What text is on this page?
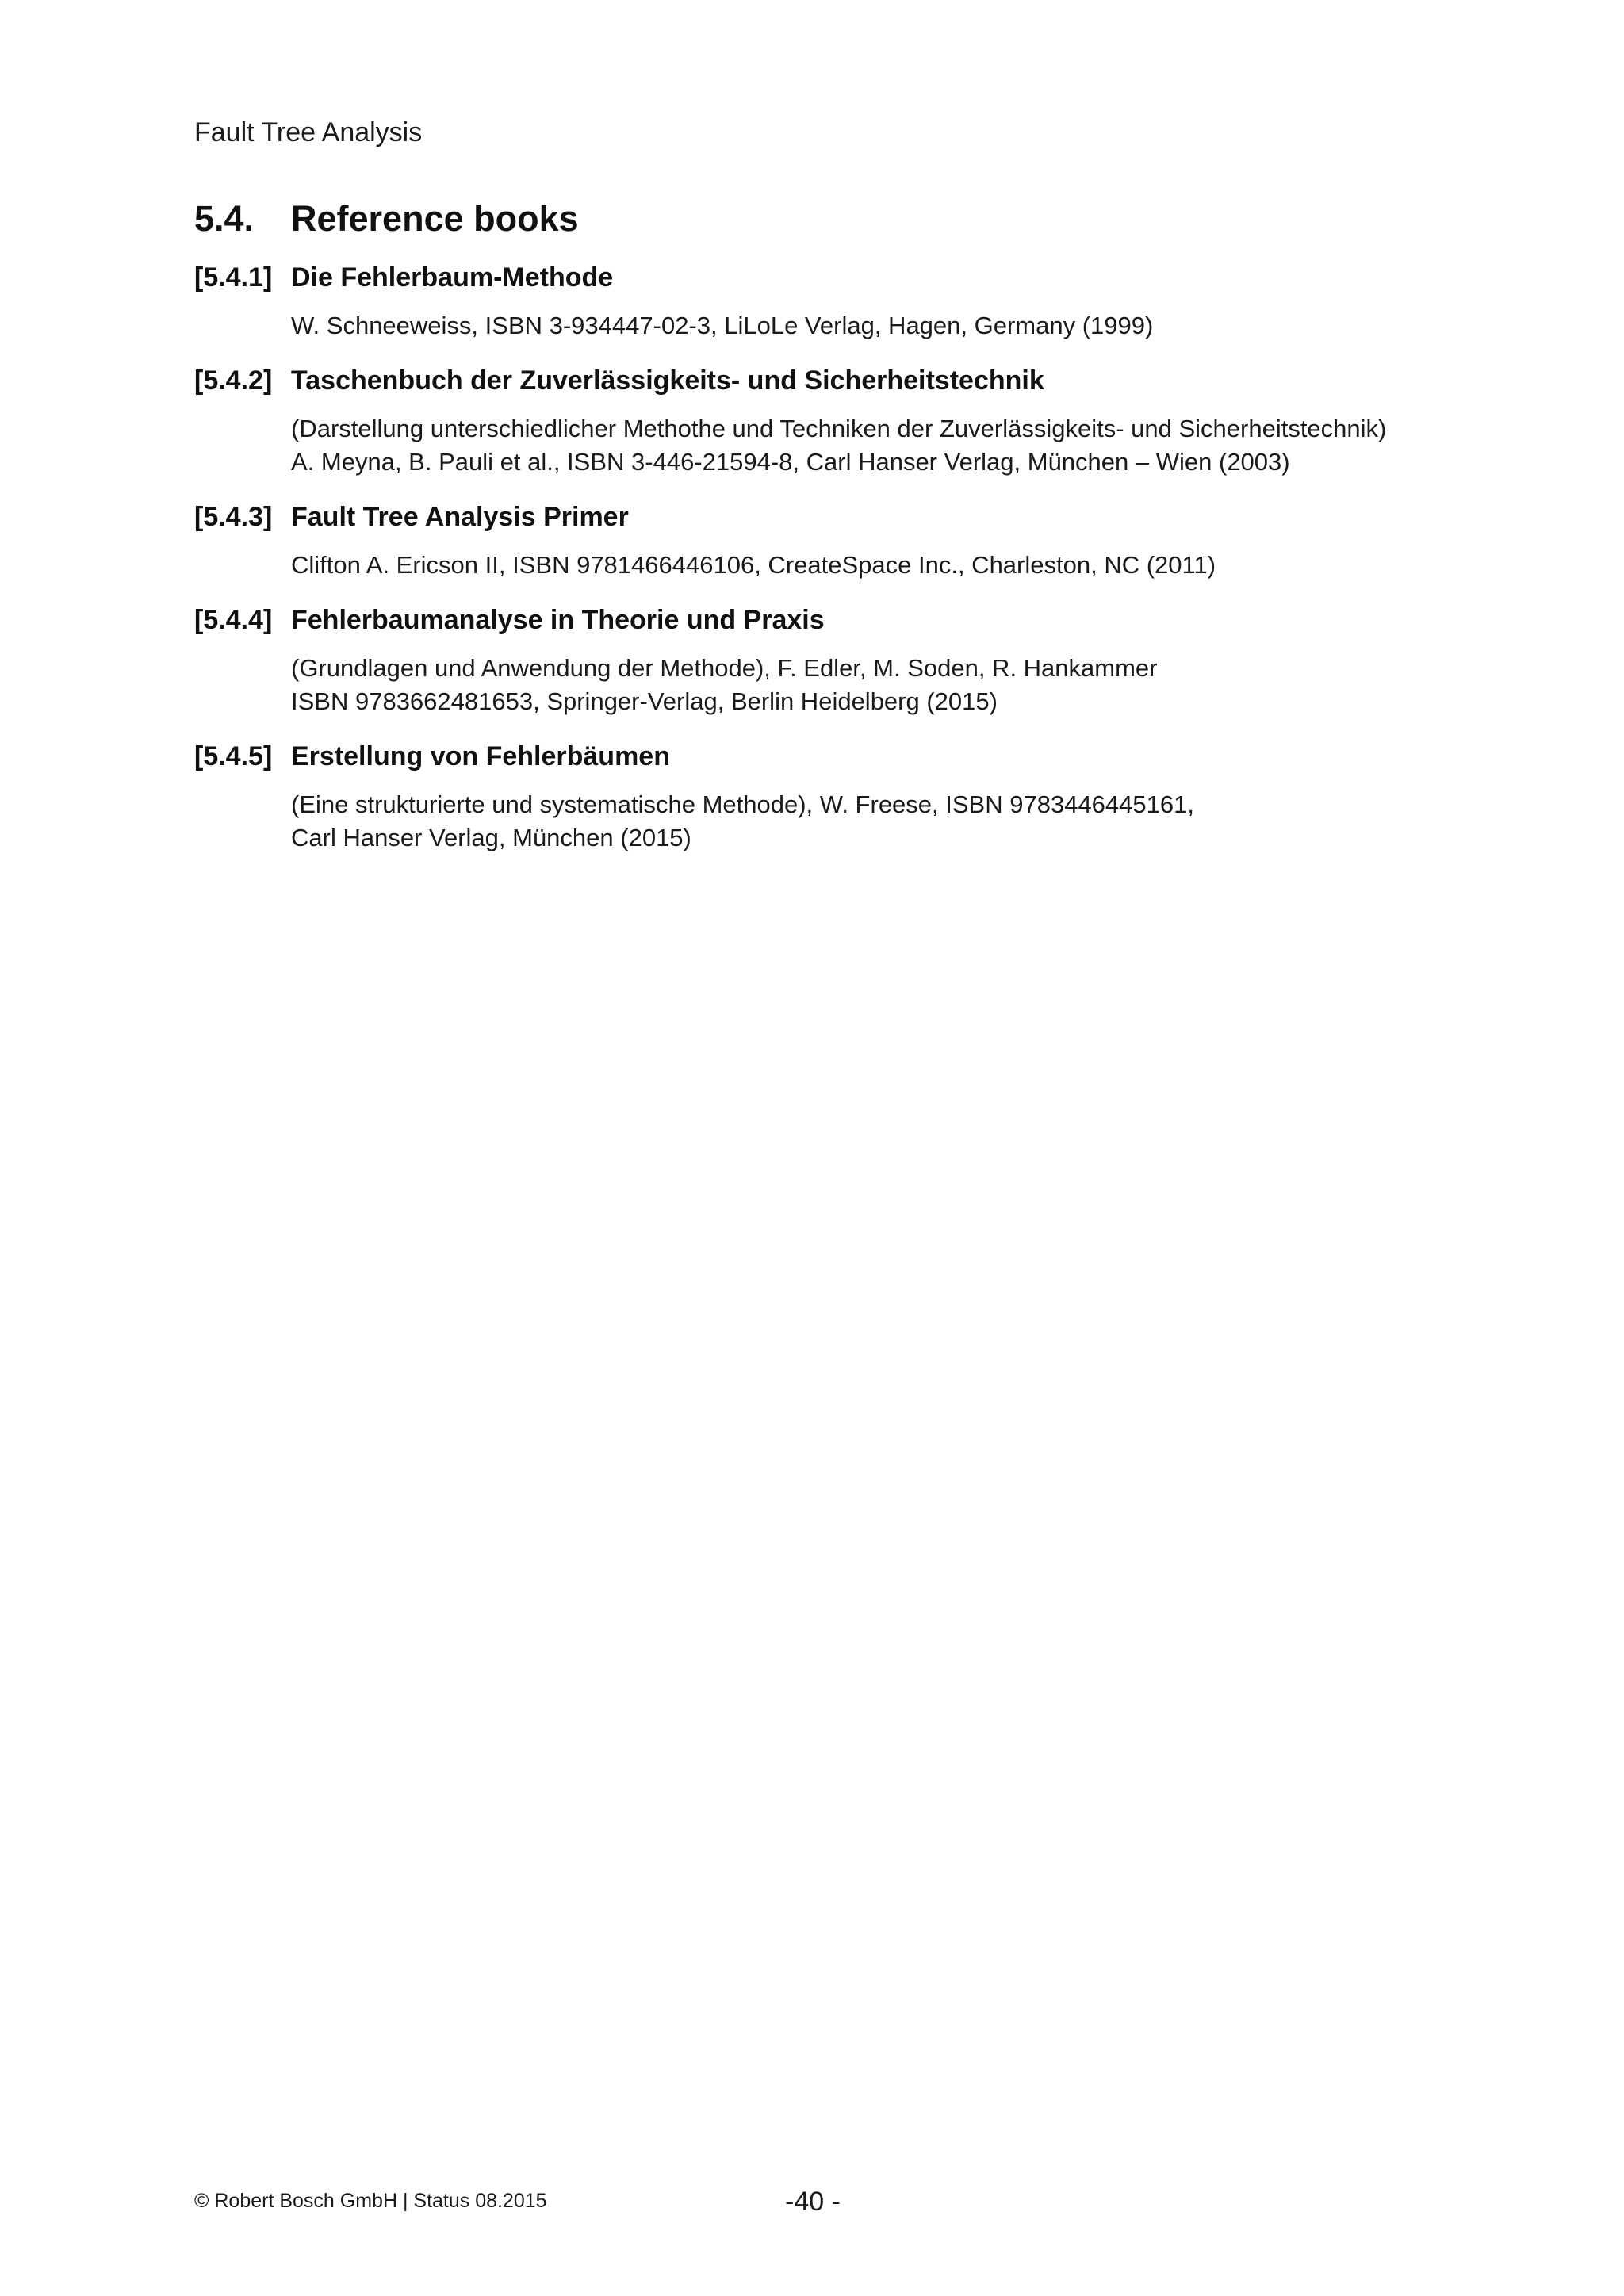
Fault Tree Analysis
5.4.	Reference books
[5.4.1] Die Fehlerbaum-Methode
W. Schneeweiss, ISBN 3-934447-02-3, LiLoLe Verlag, Hagen, Germany (1999)
[5.4.2] Taschenbuch der Zuverlässigkeits- und Sicherheitstechnik
(Darstellung unterschiedlicher Methothe und Techniken der Zuverlässigkeits- und Sicherheitstechnik)
A. Meyna, B. Pauli et al., ISBN 3-446-21594-8, Carl Hanser Verlag, München – Wien (2003)
[5.4.3] Fault Tree Analysis Primer
Clifton A. Ericson II, ISBN 9781466446106, CreateSpace Inc., Charleston, NC (2011)
[5.4.4] Fehlerbaumanalyse in Theorie und Praxis
(Grundlagen und Anwendung der Methode), F. Edler, M. Soden, R. Hankammer
ISBN 9783662481653, Springer-Verlag, Berlin Heidelberg (2015)
[5.4.5] Erstellung von Fehlerbäumen
(Eine strukturierte und systematische Methode), W. Freese, ISBN 9783446445161,
Carl Hanser Verlag, München (2015)
© Robert Bosch GmbH | Status 08.2015	-40 -
